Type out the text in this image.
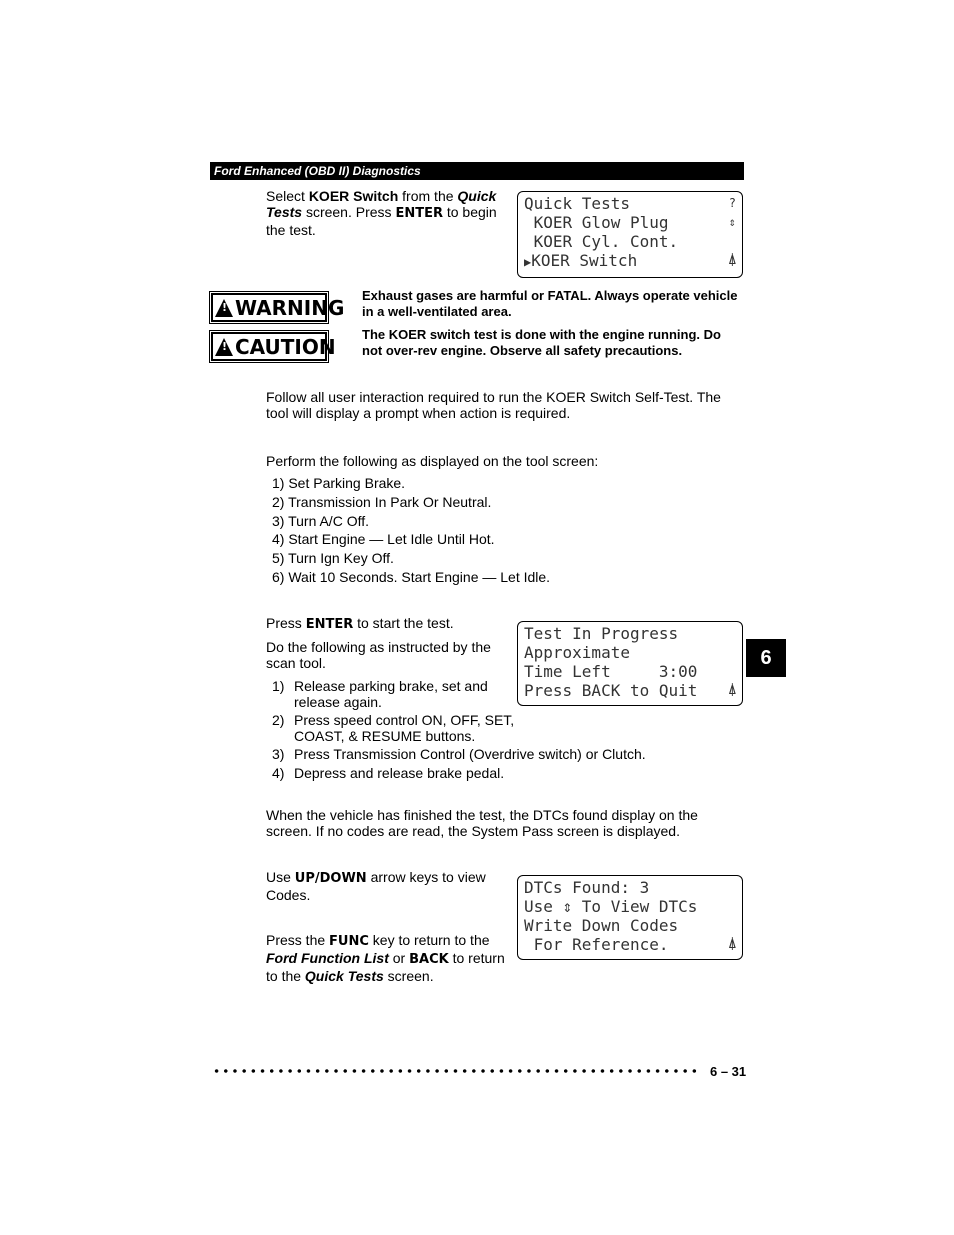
Ford Enhanced (OBD II) Diagnostics

Select KOER Switch from the Quick Tests screen. Press ENTER to begin the test.

Quick Tests	?
KOER Glow Plug	⇕
KOER Cyl. Cont.
▶KOER Switch	⍋
!
WARNING Exhaust gases are harmful or FATAL. Always operate vehicle in a well-ventilated area.
!
CAUTION The KOER switch test is done with the engine running. Do not over-rev engine. Observe all safety precautions.
Follow all user interaction required to run the KOER Switch Self-Test. The tool will display a prompt when action is required.
Perform the following as displayed on the tool screen:
1) Set Parking Brake.
2) Transmission In Park Or Neutral.
3) Turn A/C Off.
4) Start Engine — Let Idle Until Hot.
5) Turn Ign Key Off.
6) Wait 10 Seconds. Start Engine — Let Idle.
Press ENTER to start the test.
Do the following as instructed by the scan tool.
1) Release parking brake, set and release again.

2) Press speed control ON, OFF, SET, COAST, & RESUME buttons.

3) Press Transmission Control (Overdrive switch) or Clutch.

4) Depress and release brake pedal.

Test In Progress
Approximate
Time Left     3:00
Press BACK to Quit	⍋
6
When the vehicle has finished the test, the DTCs found display on the screen. If no codes are read, the System Pass screen is displayed.
Use UP/DOWN arrow keys to view Codes.
Press the FUNC key to return to the Ford Function List or BACK to return to the Quick Tests screen.
DTCs Found: 3
Use ⇕ To View DTCs
Write Down Codes
For Reference.	⍋
6 – 31
